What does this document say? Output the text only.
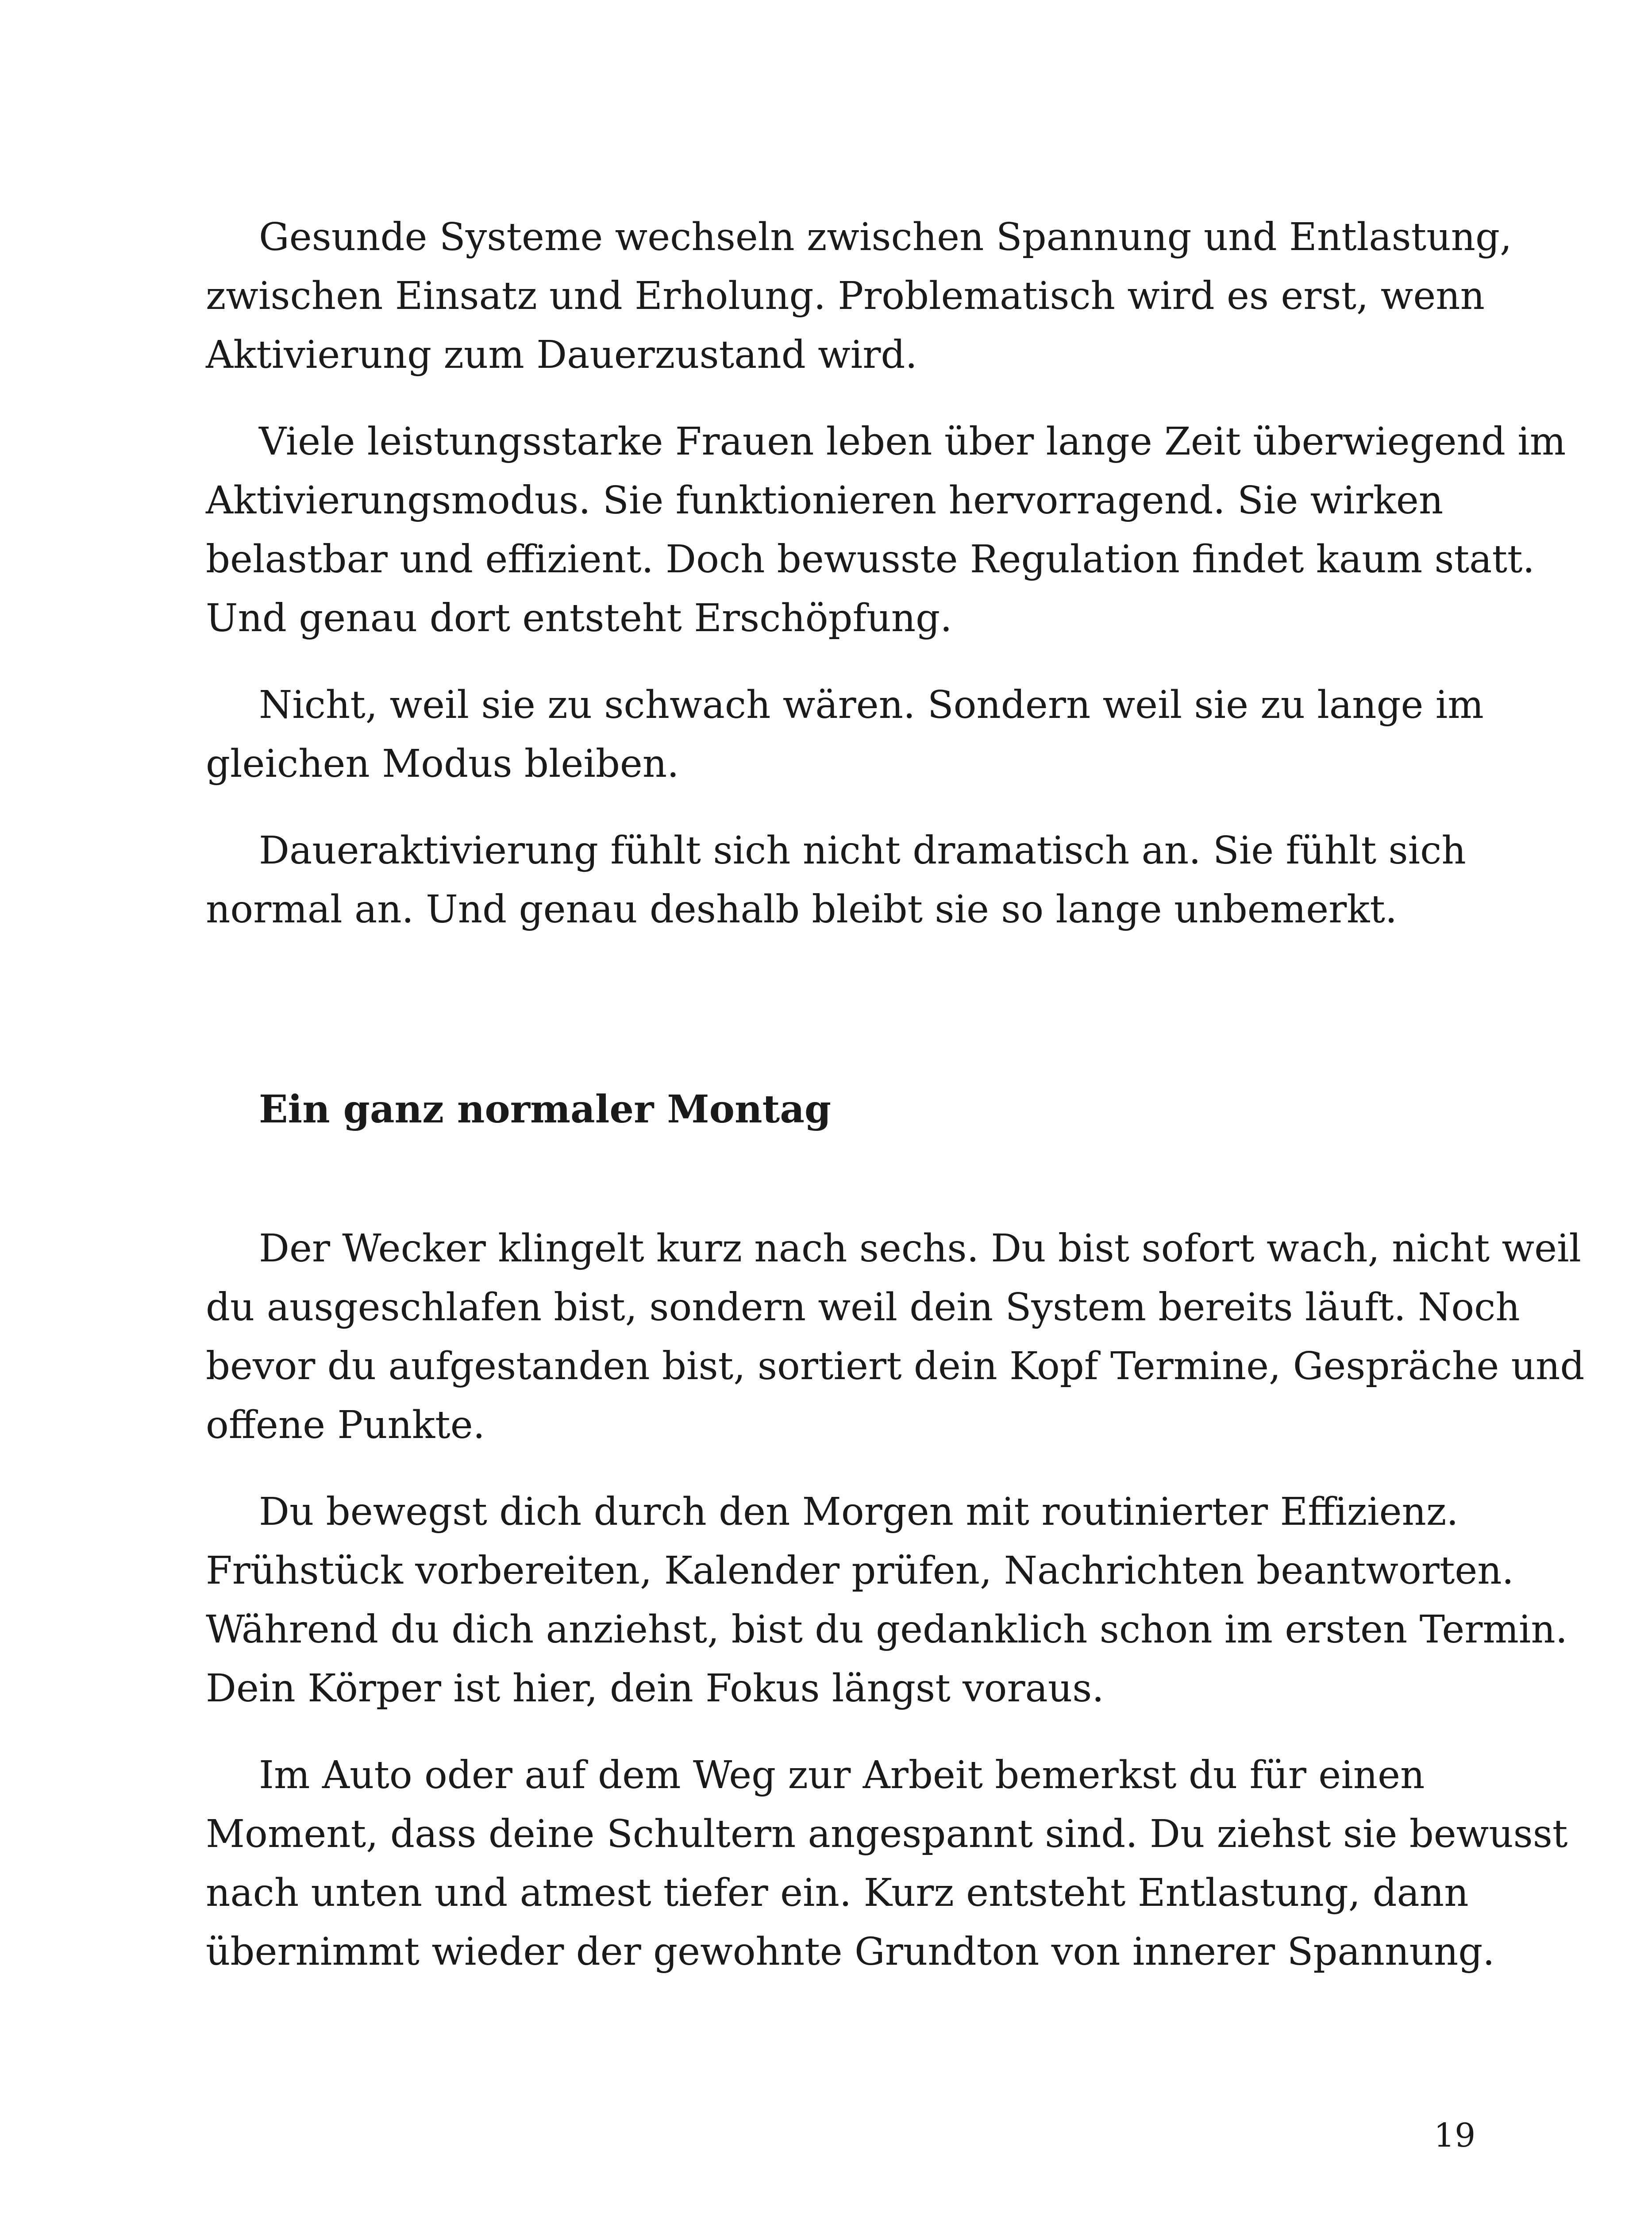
Gesunde Systeme wechseln zwischen Spannung und Entlastung,
zwischen Einsatz und Erholung. Problematisch wird es erst, wenn
Aktivierung zum Dauerzustand wird.
Viele leistungsstarke Frauen leben über lange Zeit überwiegend im
Aktivierungsmodus. Sie funktionieren hervorragend. Sie wirken
belastbar und effizient. Doch bewusste Regulation findet kaum statt.
Und genau dort entsteht Erschöpfung.
Nicht, weil sie zu schwach wären. Sondern weil sie zu lange im
gleichen Modus bleiben.
Daueraktivierung fühlt sich nicht dramatisch an. Sie fühlt sich
normal an. Und genau deshalb bleibt sie so lange unbemerkt.
Ein ganz normaler Montag
Der Wecker klingelt kurz nach sechs. Du bist sofort wach, nicht weil
du ausgeschlafen bist, sondern weil dein System bereits läuft. Noch
bevor du aufgestanden bist, sortiert dein Kopf Termine, Gespräche und
offene Punkte.
Du bewegst dich durch den Morgen mit routinierter Effizienz.
Frühstück vorbereiten, Kalender prüfen, Nachrichten beantworten.
Während du dich anziehst, bist du gedanklich schon im ersten Termin.
Dein Körper ist hier, dein Fokus längst voraus.
Im Auto oder auf dem Weg zur Arbeit bemerkst du für einen
Moment, dass deine Schultern angespannt sind. Du ziehst sie bewusst
nach unten und atmest tiefer ein. Kurz entsteht Entlastung, dann
übernimmt wieder der gewohnte Grundton von innerer Spannung.
19
